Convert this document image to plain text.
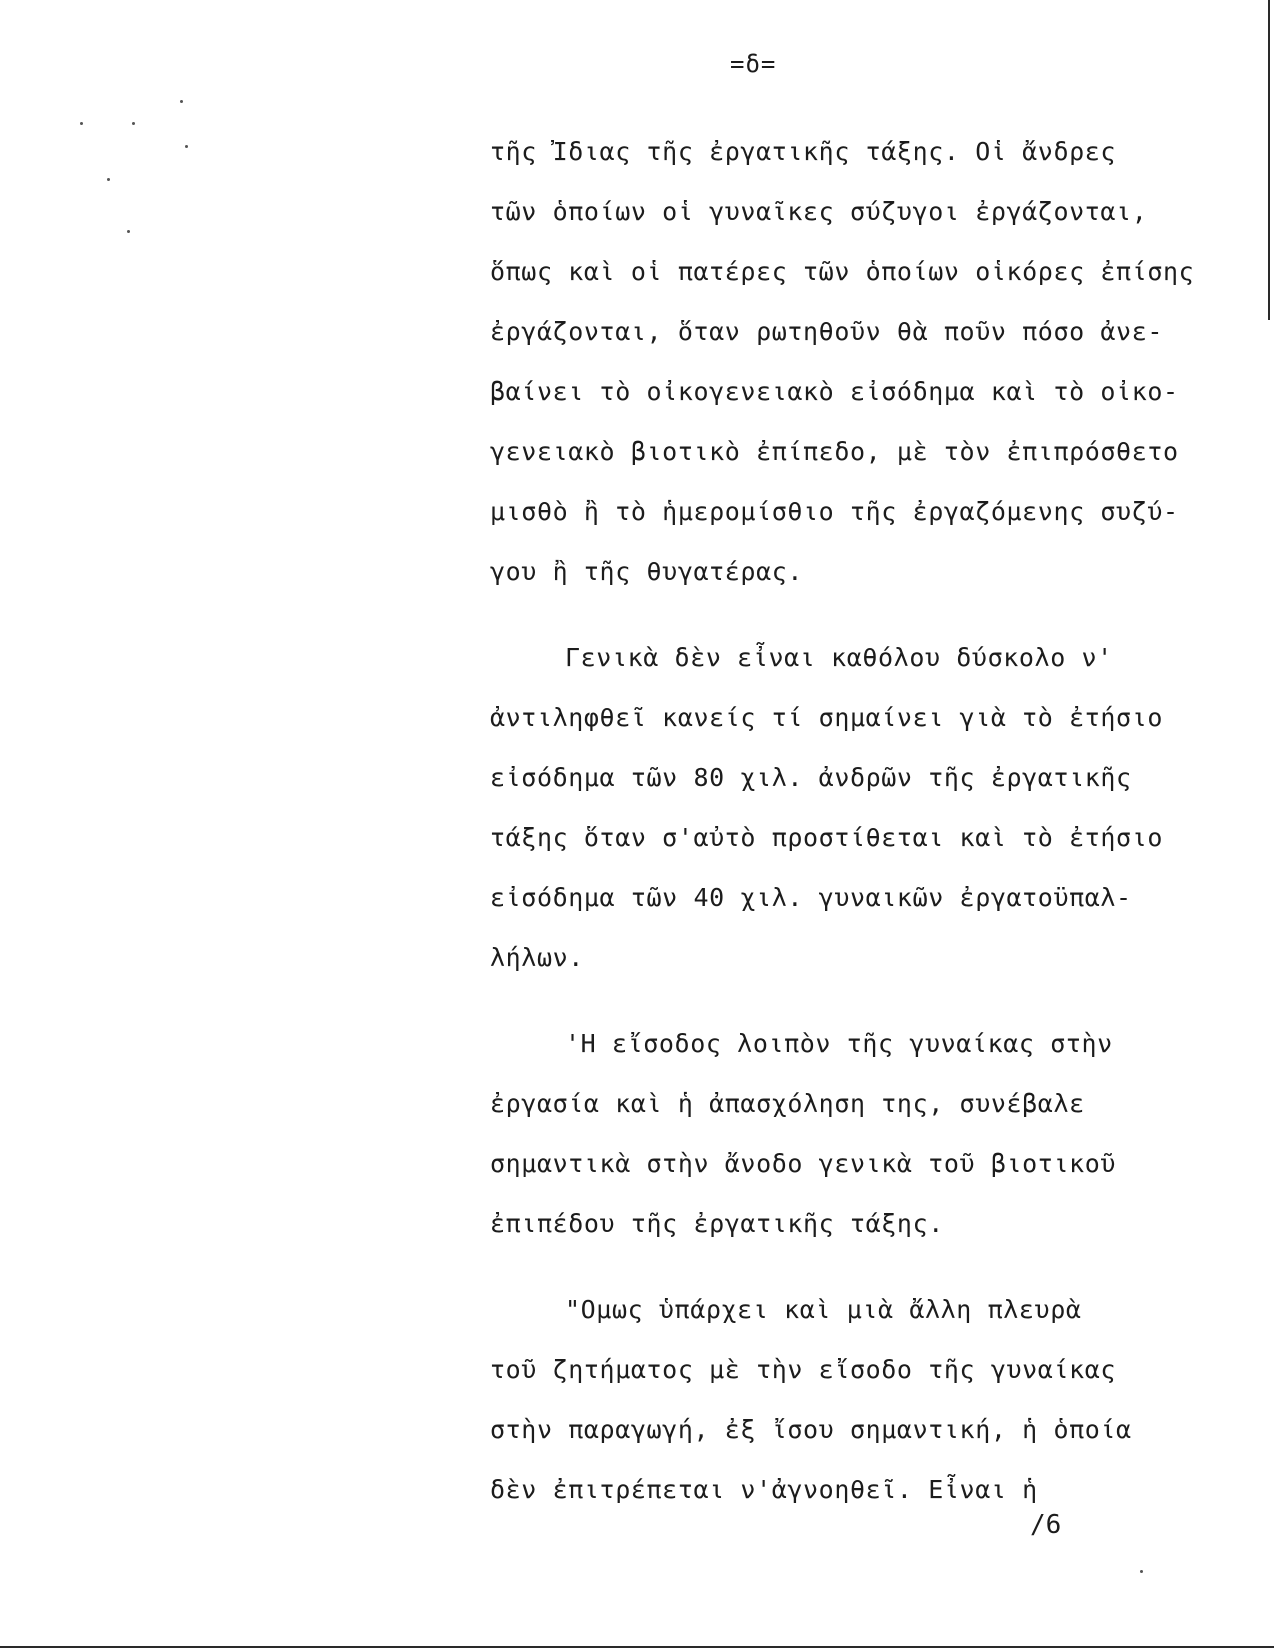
=δ=
τῆς Ἰδιας τῆς ἐργατικῆς τάξης. Οἱ ἄνδρες
τῶν ὁποίων οἱ γυναῖκες σύζυγοι ἐργάζονται,
ὅπως καὶ οἱ πατέρες τῶν ὁποίων οἱκόρες ἐπίσης
ἐργάζονται, ὅταν ρωτηθοῦν θὰ ποῦν πόσο ἀνε-
βαίνει τὸ οἰκογενειακὸ εἰσόδημα καὶ τὸ οἰκο-
γενειακὸ βιοτικὸ ἐπίπεδο, μὲ τὸν ἐπιπρόσθετο
μισθὸ ἢ τὸ ἡμερομίσθιο τῆς ἐργαζόμενης συζύ-
γου ἢ τῆς θυγατέρας.
Γενικὰ δὲν εἶναι καθόλου δύσκολο ν'
ἀντιληφθεῖ κανείς τί σημαίνει γιὰ τὸ ἐτήσιο
εἰσόδημα τῶν 80 χιλ. ἀνδρῶν τῆς ἐργατικῆς
τάξης ὅταν σ'αὐτὸ προστίθεται καὶ τὸ ἐτήσιο
εἰσόδημα τῶν 40 χιλ. γυναικῶν ἐργατοϋπαλ-
λήλων.
'Η εἴσοδος λοιπὸν τῆς γυναίκας στὴν
ἐργασία καὶ ἡ ἀπασχόληση της, συνέβαλε
σημαντικὰ στὴν ἄνοδο γενικὰ τοῦ βιοτικοῦ
ἐπιπέδου τῆς ἐργατικῆς τάξης.
"Ομως ὑπάρχει καὶ μιὰ ἄλλη πλευρὰ
τοῦ ζητήματος μὲ τὴν εἴσοδο τῆς γυναίκας
στὴν παραγωγή, ἐξ ἴσου σημαντική, ἡ ὁποία
δὲν ἐπιτρέπεται ν'ἀγνοηθεῖ. Εἶναι ἡ
/6
